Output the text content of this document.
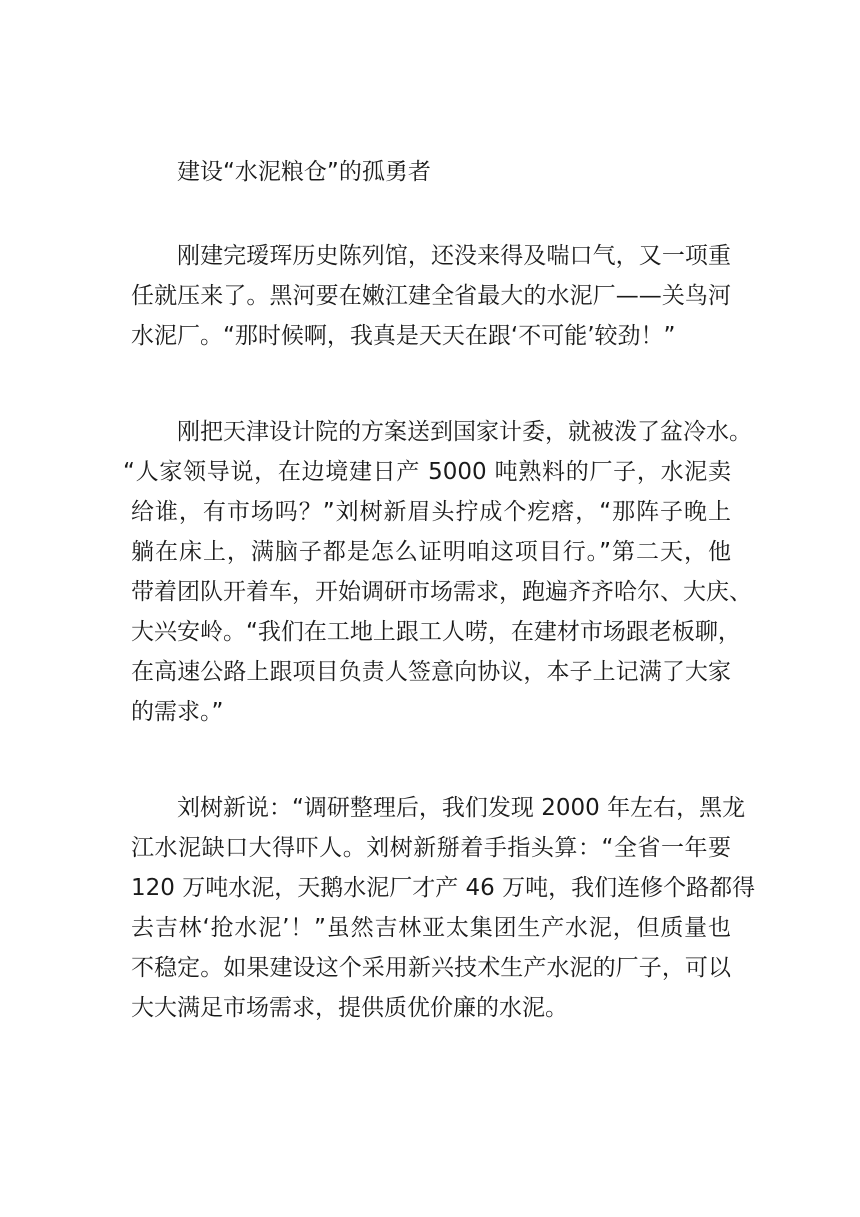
建设“水泥粮仓”的孤勇者
刚建完瑷珲历史陈列馆，还没来得及喘口气，又一项重
任就压来了。黑河要在嫩江建全省最大的水泥厂——关鸟河
水泥厂。“那时候啊，我真是天天在跟‘不可能’较劲！”
刚把天津设计院的方案送到国家计委，就被泼了盆冷水。
“人家领导说，在边境建日产 5000 吨熟料的厂子，水泥卖
给谁，有市场吗？”刘树新眉头拧成个疙瘩，“那阵子晚上
躺在床上，满脑子都是怎么证明咱这项目行。”第二天，他
带着团队开着车，开始调研市场需求，跑遍齐齐哈尔、大庆、
大兴安岭。“我们在工地上跟工人唠，在建材市场跟老板聊，
在高速公路上跟项目负责人签意向协议，本子上记满了大家
的需求。”
刘树新说：“调研整理后，我们发现 2000 年左右，黑龙
江水泥缺口大得吓人。刘树新掰着手指头算：“全省一年要
120 万吨水泥，天鹅水泥厂才产 46 万吨，我们连修个路都得
去吉林‘抢水泥’！”虽然吉林亚太集团生产水泥，但质量也
不稳定。如果建设这个采用新兴技术生产水泥的厂子，可以
大大满足市场需求，提供质优价廉的水泥。
